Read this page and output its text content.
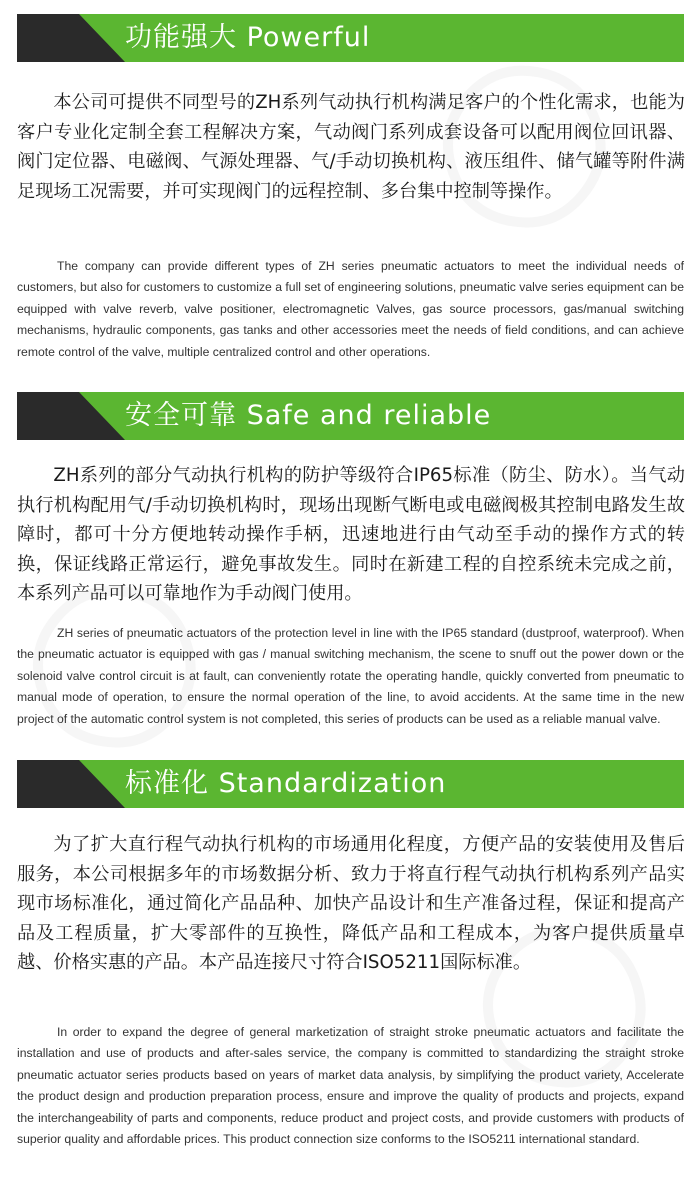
功能强大 Powerful

本公司可提供不同型号的ZH系列气动执行机构满足客户的个性化需求，也能为客户专业化定制全套工程解决方案，气动阀门系列成套设备可以配用阀位回讯器、阀门定位器、电磁阀、气源处理器、气/手动切换机构、液压组件、储气罐等附件满足现场工况需要，并可实现阀门的远程控制、多台集中控制等操作。

The company can provide different types of ZH series pneumatic actuators to meet the individual needs of customers, but also for customers to customize a full set of engineering solutions, pneumatic valve series equipment can be equipped with valve reverb, valve positioner, electromagnetic Valves, gas source processors, gas/manual switching mechanisms, hydraulic components, gas tanks and other accessories meet the needs of field conditions, and can achieve remote control of the valve, multiple centralized control and other operations.

安全可靠 Safe and reliable

ZH系列的部分气动执行机构的防护等级符合IP65标准（防尘、防水）。当气动执行机构配用气/手动切换机构时，现场出现断气断电或电磁阀极其控制电路发生故障时，都可十分方便地转动操作手柄，迅速地进行由气动至手动的操作方式的转换，保证线路正常运行，避免事故发生。同时在新建工程的自控系统未完成之前，本系列产品可以可靠地作为手动阀门使用。

ZH series of pneumatic actuators of the protection level in line with the IP65 standard (dustproof, waterproof). When the pneumatic actuator is equipped with gas / manual switching mechanism, the scene to snuff out the power down or the solenoid valve control circuit is at fault, can conveniently rotate the operating handle, quickly converted from pneumatic to manual mode of operation, to ensure the normal operation of the line, to avoid accidents. At the same time in the new project of the automatic control system is not completed, this series of products can be used as a reliable manual valve.

标准化 Standardization

为了扩大直行程气动执行机构的市场通用化程度，方便产品的安装使用及售后服务，本公司根据多年的市场数据分析、致力于将直行程气动执行机构系列产品实现市场标准化，通过简化产品品种、加快产品设计和生产准备过程，保证和提高产品及工程质量，扩大零部件的互换性，降低产品和工程成本，为客户提供质量卓越、价格实惠的产品。本产品连接尺寸符合ISO5211国际标准。

In order to expand the degree of general marketization of straight stroke pneumatic actuators and facilitate the installation and use of products and after-sales service, the company is committed to standardizing the straight stroke pneumatic actuator series products based on years of market data analysis, by simplifying the product variety, Accelerate the product design and production preparation process, ensure and improve the quality of products and projects, expand the interchangeability of parts and components, reduce product and project costs, and provide customers with products of superior quality and affordable prices. This product connection size conforms to the ISO5211 international standard.
